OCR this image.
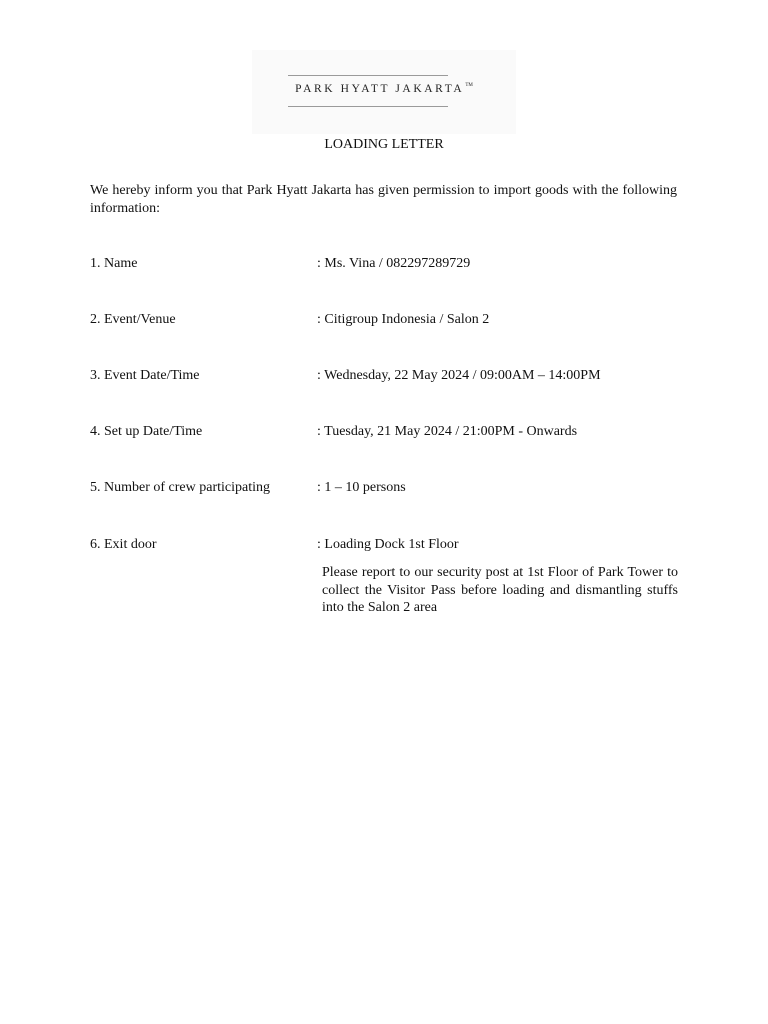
PARK HYATT JAKARTA™
LOADING LETTER
We hereby inform you that Park Hyatt Jakarta has given permission to import goods with the following information:
1. Name	: Ms. Vina / 082297289729
2. Event/Venue	: Citigroup Indonesia / Salon 2
3. Event Date/Time	: Wednesday, 22 May 2024 / 09:00AM – 14:00PM
4. Set up Date/Time	: Tuesday, 21 May 2024 / 21:00PM - Onwards
5. Number of crew participating	: 1 – 10 persons
6. Exit door	: Loading Dock 1st Floor
Please report to our security post at 1st Floor of Park Tower to collect the Visitor Pass before loading and dismantling stuffs into the Salon 2 area
